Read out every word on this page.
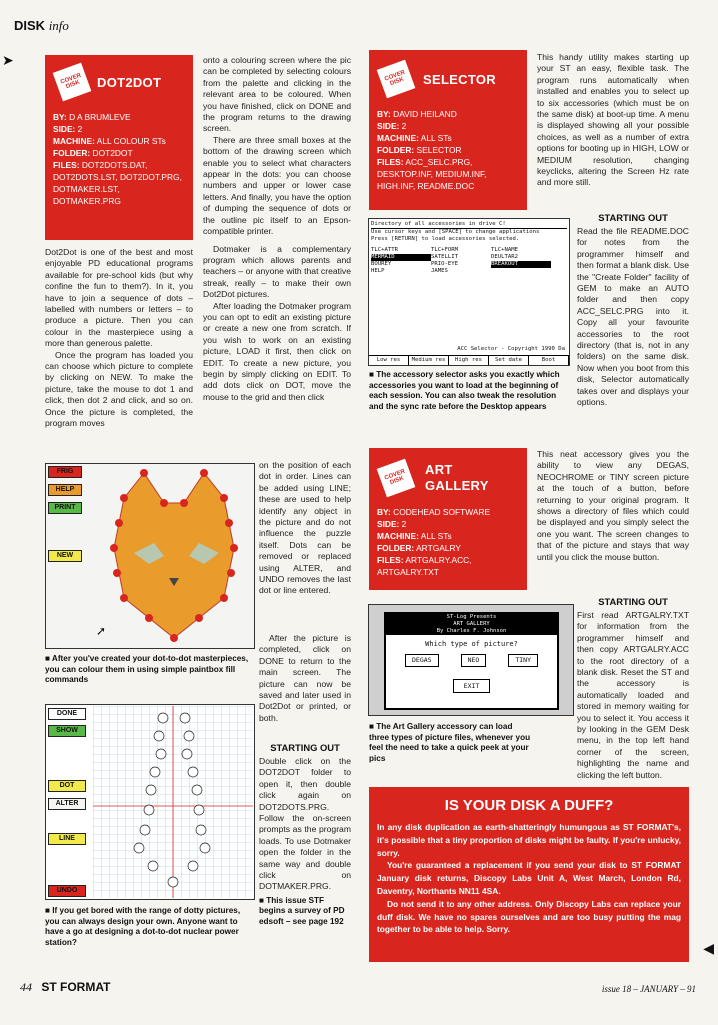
DISK info
➤
COVER DISK	DOT2DOT
BY: D A BRUMLEVE
SIDE: 2
MACHINE: ALL COLOUR STs
FOLDER: DOT2DOT
FILES: DOT2DOTS.DAT, DOT2DOTS.LST, DOT2DOT.PRG, DOTMAKER.LST, DOTMAKER.PRG

Dot2Dot is one of the best and most enjoyable PD educational programs available for pre-school kids (but why confine the fun to them?). In it, you have to join a sequence of dots – labelled with numbers or letters – to produce a picture. Then you can colour in the masterpiece using a more than generous palette.

Once the program has loaded you can choose which picture to complete by clicking on NEW. To make the picture, take the mouse to dot 1 and click, then dot 2 and click, and so on. Once the picture is completed, the program moves

onto a colouring screen where the pic can be completed by selecting colours from the palette and clicking in the relevant area to be coloured. When you have finished, click on DONE and the program returns to the drawing screen.

There are three small boxes at the bottom of the drawing screen which enable you to select what characters appear in the dots: you can choose numbers and upper or lower case letters. And finally, you have the option of dumping the sequence of dots or the outline pic itself to an Epson-compatible printer.

Dotmaker is a complementary program which allows parents and teachers – or anyone with that creative streak, really – to make their own Dot2Dot pictures.

After loading the Dotmaker program you can opt to edit an existing picture or create a new one from scratch. If you wish to work on an existing picture, LOAD it first, then click on EDIT. To create a new picture, you begin by simply clicking on EDIT. To add dots click on DOT, move the mouse to the grid and then click

FRIG
HELP
PRINT
NEW
➚
■ After you've created your dot-to-dot masterpieces, you can colour them in using simple paintbox fill commands

on the position of each dot in order. Lines can be added using LINE; these are used to help identify any object in the picture and do not influence the puzzle itself. Dots can be removed or replaced using ALTER, and UNDO removes the last dot or line entered.

After the picture is completed, click on DONE to return to the main screen. The picture can now be saved and later used in Dot2Dot or printed, or both.

DONE
SHOW
DOT
ALTER
LINE
UNDO
■ If you get bored with the range of dotty pictures, you can always design your own. Anyone want to have a go at designing a dot-to-dot nuclear power station?
STARTING OUT

Double click on the DOT2DOT folder to open it, then double click again on DOT2DOTS.PRG. Follow the on-screen prompts as the program loads. To use Dotmaker open the folder in the same way and double click on DOTMAKER.PRG.

■ This issue STF begins a survey of PD edsoft – see page 192
COVER DISK	SELECTOR
BY: DAVID HEILAND
SIDE: 2
MACHINE: ALL STs
FOLDER: SELECTOR
FILES: ACC_SELC.PRG, DESKTOP.INF, MEDIUM.INF, HIGH.INF, README.DOC

This handy utility makes starting up your ST an easy, flexible task. The program runs automatically when installed and enables you to select up to six accessories (which must be on the same disk) at boot-up time. A menu is displayed showing all your possible choices, as well as a number of extra options for booting up in HIGH, LOW or MEDIUM resolution, changing keyclicks, altering the Screen Hz rate and more still.

Directory of all accessories in drive C!
Use cursor keys and [SPACE] to change applications
Press [RETURN] to load accessories selected.
TLC+ATTR	TLC+FORM	TLC+NAME
MERMAID	SATELLIT	DEULTAR2
BOUREY	PRIO-EYE	BREAKOUT
HELP	JAMES
ACC Selector - Copyright 1990 Da
Low res	Medium res	High res	Set date	Boot
■ The accessory selector asks you exactly which accessories you want to load at the beginning of each session. You can also tweak the resolution and the sync rate before the Desktop appears
STARTING OUT

Read the file README.DOC for notes from the programmer himself and then format a blank disk. Use the "Create Folder" facility of GEM to make an AUTO folder and then copy ACC_SELC.PRG into it. Copy all your favourite accessories to the root directory (that is, not in any folders) on the same disk. Now when you boot from this disk, Selector automatically takes over and displays your options.

COVER DISK
ART
GALLERY
BY: CODEHEAD SOFTWARE
SIDE: 2
MACHINE: ALL STs
FOLDER: ARTGALRY
FILES: ARTGALRY.ACC, ARTGALRY.TXT

This neat accessory gives you the ability to view any DEGAS, NEOCHROME or TINY screen picture at the touch of a button, before returning to your original program. It shows a directory of files which could be displayed and you simply select the one you want. The screen changes to that of the picture and stays that way until you click the mouse button.

ST-Log Presents
ART GALLERY
By Charles F. Johnson
Which type of picture?
DEGAS	NEO	TINY
EXIT
■ The Art Gallery accessory can load three types of picture files, whenever you feel the need to take a quick peek at your pics
STARTING OUT

First read ARTGALRY.TXT for information from the programmer himself and then copy ARTGALRY.ACC to the root directory of a blank disk. Reset the ST and the accessory is automatically loaded and stored in memory waiting for you to select it. You access it by looking in the GEM Desk menu, in the top left hand corner of the screen, highlighting the name and clicking the left button.

IS YOUR DISK A DUFF?

In any disk duplication as earth-shatteringly humungous as ST FORMAT's, it's possible that a tiny proportion of disks might be faulty. If you're unlucky, sorry.

You're guaranteed a replacement if you send your disk to ST FORMAT January disk returns, Discopy Labs Unit A, West March, London Rd, Daventry, Northants NN11 4SA.

Do not send it to any other address. Only Discopy Labs can replace your duff disk. We have no spares ourselves and are too busy putting the mag together to be able to help. Sorry.

◀
44 ST FORMAT	issue 18 – JANUARY – 91
